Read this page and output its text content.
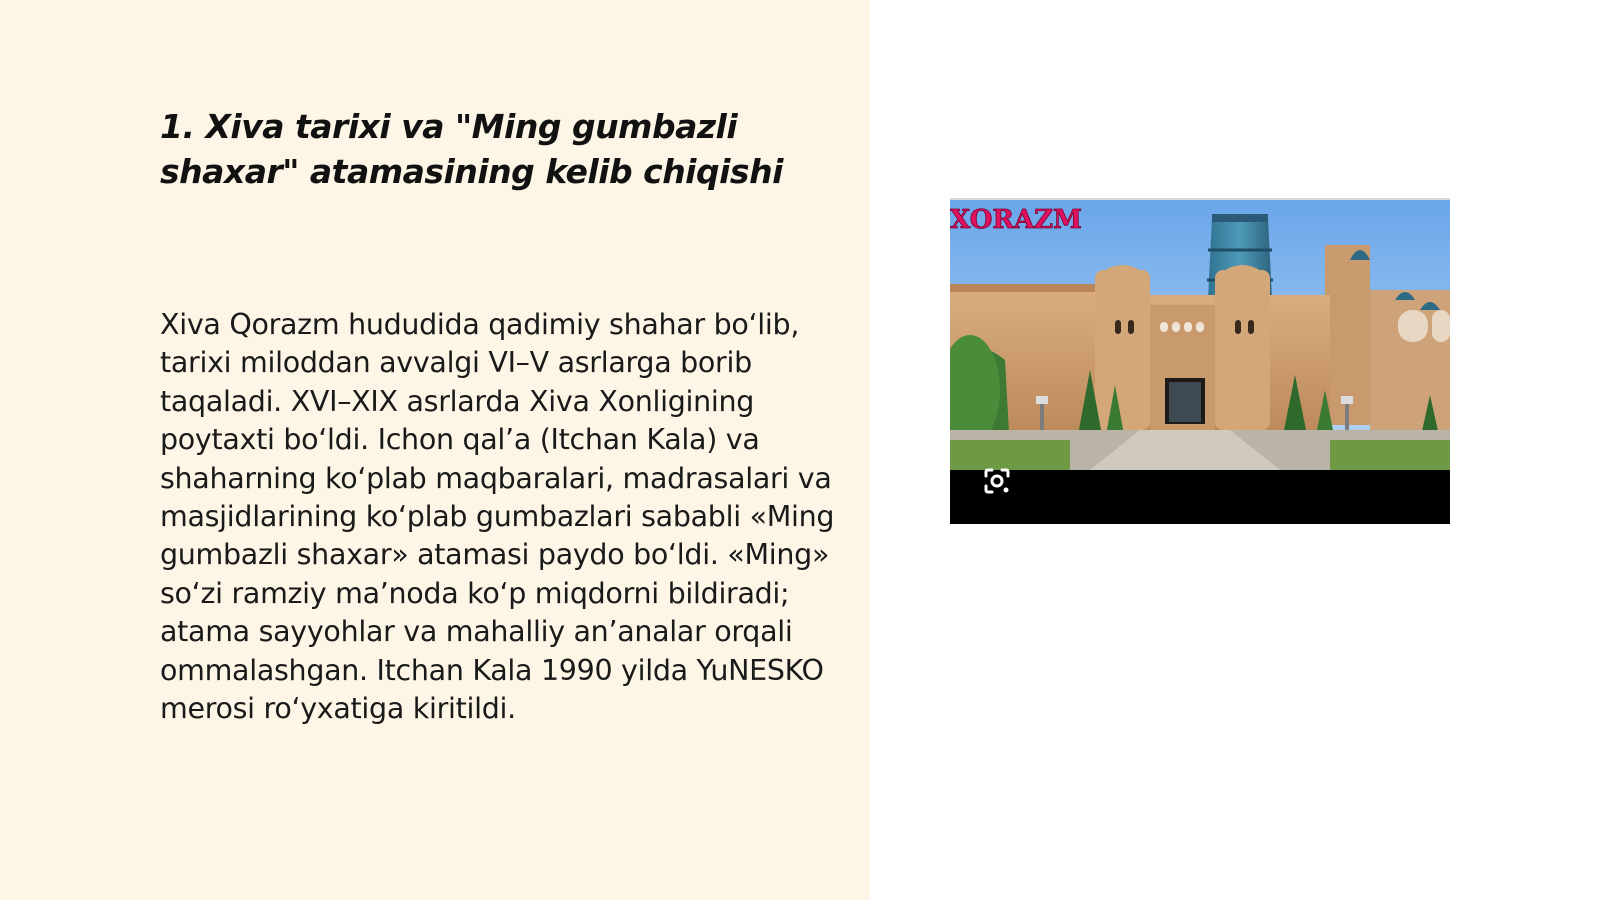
1. Xiva tarixi va "Ming gumbazli shaxar" atamasining kelib chiqishi

Xiva Qorazm hududida qadimiy shahar bo‘lib, tarixi miloddan avvalgi VI–V asrlarga borib taqaladi. XVI–XIX asrlarda Xiva Xonligining poytaxti bo‘ldi. Ichon qal’a (Itchan Kala) va shaharning ko‘plab maqbaralari, madrasalari va masjidlarining ko‘plab gumbazlari sababli «Ming gumbazli shaxar» atamasi paydo bo‘ldi. «Ming» so‘zi ramziy ma’noda ko‘p miqdorni bildiradi; atama sayyohlar va mahalliy an’analar orqali ommalashgan. Itchan Kala 1990 yilda YuNESKO merosi ro‘yxatiga kiritildi.

XORAZM
